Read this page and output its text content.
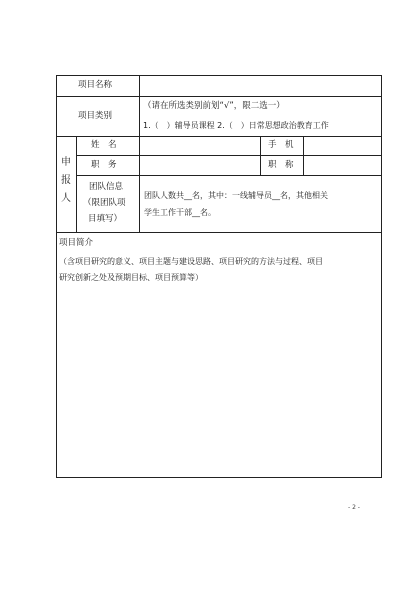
项目名称
项目类别
（请在所选类别前划“√”，限二选一）
1.（　）辅导员课程 2.（　）日常思想政治教育工作
申
报
人
姓　名	手　机
职　务	职　称
团队信息
（限团队项
目填写）
团队人数共__名，其中：一线辅导员__名，其他相关
学生工作干部__名。
项目简介
（含项目研究的意义、项目主题与建设思路、项目研究的方法与过程、项目
研究创新之处及预期目标、项目预算等）
- 2 -
